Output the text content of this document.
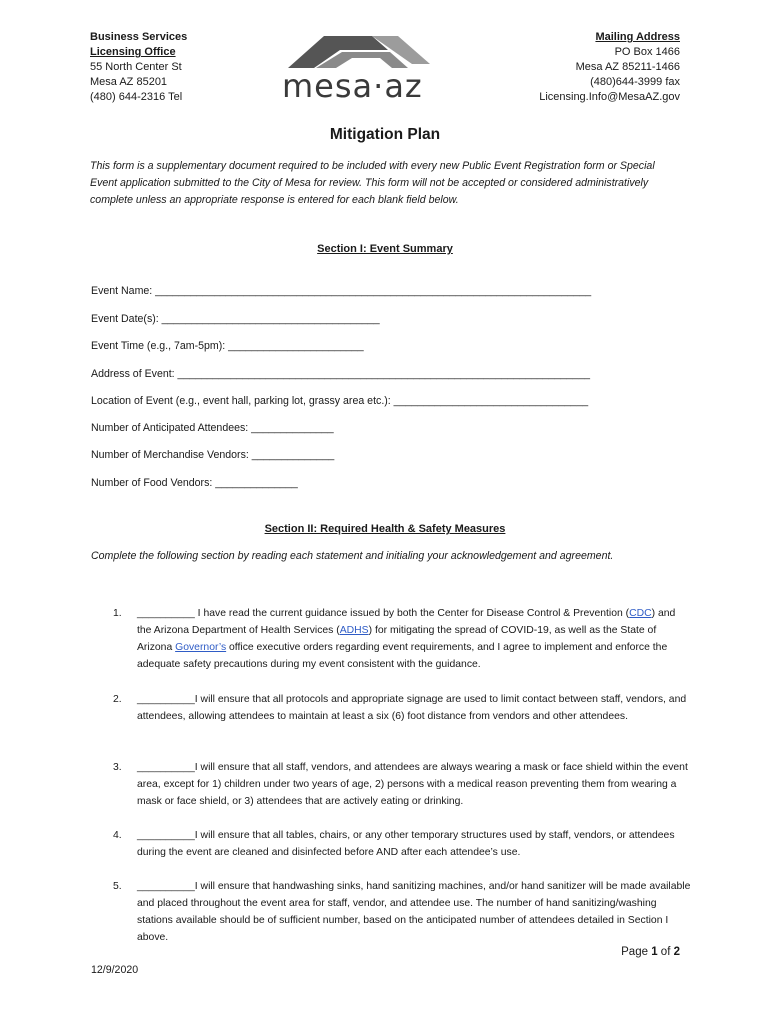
Business Services
Licensing Office
55 North Center St
Mesa AZ 85201
(480) 644-2316 Tel	mesa·az
Mailing Address
PO Box 1466
Mesa AZ 85211-1466
(480)644-3999 fax
Licensing.Info@MesaAZ.gov
Mitigation Plan
This form is a supplementary document required to be included with every new Public Event Registration form or Special Event application submitted to the City of Mesa for review. This form will not be accepted or considered administratively complete unless an appropriate response is entered for each blank field below.
Section I: Event Summary
Event Name: __________________________________________________________________________
Event Date(s): _____________________________________
Event Time (e.g., 7am-5pm): _______________________
Address of Event: ______________________________________________________________________
Location of Event (e.g., event hall, parking lot, grassy area etc.): _________________________________
Number of Anticipated Attendees: ______________
Number of Merchandise Vendors: ______________
Number of Food Vendors: ______________
Section II: Required Health & Safety Measures
Complete the following section by reading each statement and initialing your acknowledgement and agreement.
1. __________ I have read the current guidance issued by both the Center for Disease Control & Prevention (CDC) and the Arizona Department of Health Services (ADHS) for mitigating the spread of COVID-19, as well as the State of Arizona Governor’s office executive orders regarding event requirements, and I agree to implement and enforce the adequate safety precautions during my event consistent with the guidance.
2. __________I will ensure that all protocols and appropriate signage are used to limit contact between staff, vendors, and attendees, allowing attendees to maintain at least a six (6) foot distance from vendors and other attendees.
3. __________I will ensure that all staff, vendors, and attendees are always wearing a mask or face shield within the event area, except for 1) children under two years of age, 2) persons with a medical reason preventing them from wearing a mask or face shield, or 3) attendees that are actively eating or drinking.
4. __________I will ensure that all tables, chairs, or any other temporary structures used by staff, vendors, or attendees during the event are cleaned and disinfected before AND after each attendee’s use.
5. __________I will ensure that handwashing sinks, hand sanitizing machines, and/or hand sanitizer will be made available and placed throughout the event area for staff, vendor, and attendee use. The number of hand sanitizing/washing stations available should be of sufficient number, based on the anticipated number of attendees detailed in Section I above.
Page 1 of 2
12/9/2020
